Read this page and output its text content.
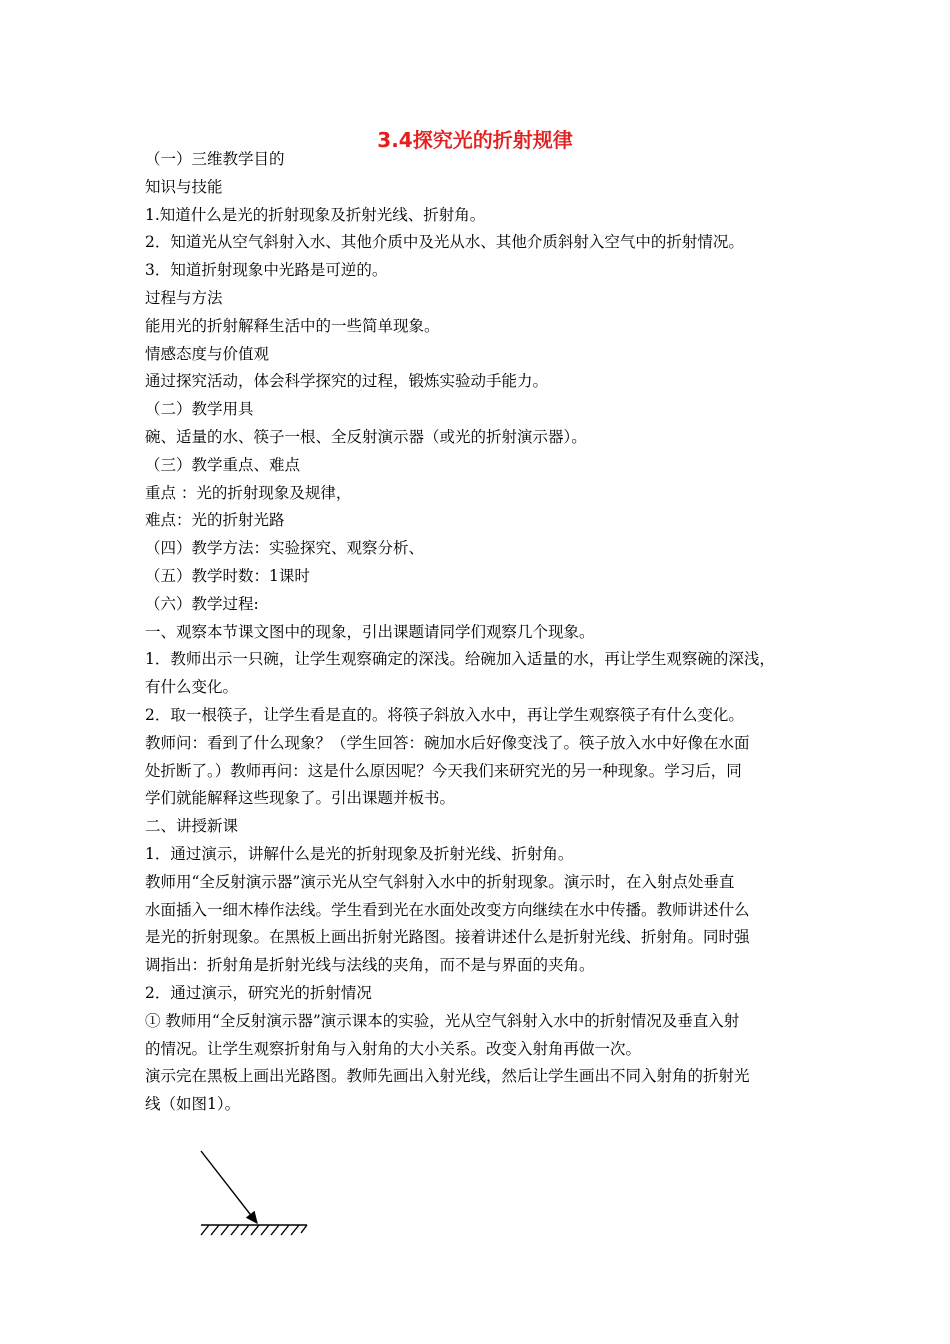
3.4探究光的折射规律
（一）三维教学目的
知识与技能
1.知道什么是光的折射现象及折射光线、折射角。
2．知道光从空气斜射入水、其他介质中及光从水、其他介质斜射入空气中的折射情况。
3．知道折射现象中光路是可逆的。
过程与方法
能用光的折射解释生活中的一些简单现象。
情感态度与价值观
通过探究活动，体会科学探究的过程，锻炼实验动手能力。
（二）教学用具
碗、适量的水、筷子一根、全反射演示器（或光的折射演示器）。
（三）教学重点、难点
重点 ：光的折射现象及规律，
难点：光的折射光路
（四）教学方法：实验探究、观察分析、
（五）教学时数：1课时
（六）教学过程:
一、观察本节课文图中的现象，引出课题请同学们观察几个现象。
1．教师出示一只碗，让学生观察确定的深浅。给碗加入适量的水，再让学生观察碗的深浅，
有什么变化。
2．取一根筷子，让学生看是直的。将筷子斜放入水中，再让学生观察筷子有什么变化。
教师问：看到了什么现象？（学生回答：碗加水后好像变浅了。筷子放入水中好像在水面
处折断了。）教师再问：这是什么原因呢？今天我们来研究光的另一种现象。学习后，同
学们就能解释这些现象了。引出课题并板书。
二、讲授新课
1．通过演示，讲解什么是光的折射现象及折射光线、折射角。
教师用“全反射演示器”演示光从空气斜射入水中的折射现象。演示时，在入射点处垂直
水面插入一细木棒作法线。学生看到光在水面处改变方向继续在水中传播。教师讲述什么
是光的折射现象。在黑板上画出折射光路图。接着讲述什么是折射光线、折射角。同时强
调指出：折射角是折射光线与法线的夹角，而不是与界面的夹角。
2．通过演示，研究光的折射情况
① 教师用“全反射演示器”演示课本的实验，光从空气斜射入水中的折射情况及垂直入射
的情况。让学生观察折射角与入射角的大小关系。改变入射角再做一次。
演示完在黑板上画出光路图。教师先画出入射光线，然后让学生画出不同入射角的折射光
线（如图1）。
